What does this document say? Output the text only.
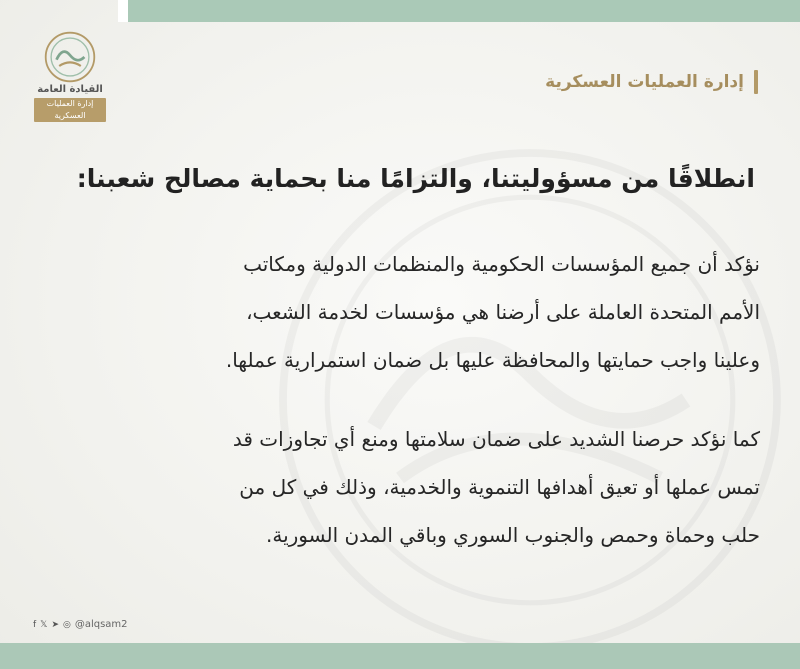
القيادة العامة
إدارة العمليات العسكرية
إدارة العمليات العسكرية
انطلاقًا من مسؤوليتنا، والتزامًا منا بحماية مصالح شعبنا:
نؤكد أن جميع المؤسسات الحكومية والمنظمات الدولية ومكاتب
الأمم المتحدة العاملة على أرضنا هي مؤسسات لخدمة الشعب،
وعلينا واجب حمايتها والمحافظة عليها بل ضمان استمرارية عملها.
كما نؤكد حرصنا الشديد على ضمان سلامتها ومنع أي تجاوزات قد
تمس عملها أو تعيق أهدافها التنموية والخدمية، وذلك في كل من
حلب وحماة وحمص والجنوب السوري وباقي المدن السورية.
f 𝕏 ➤ ◎ @alqsam2
